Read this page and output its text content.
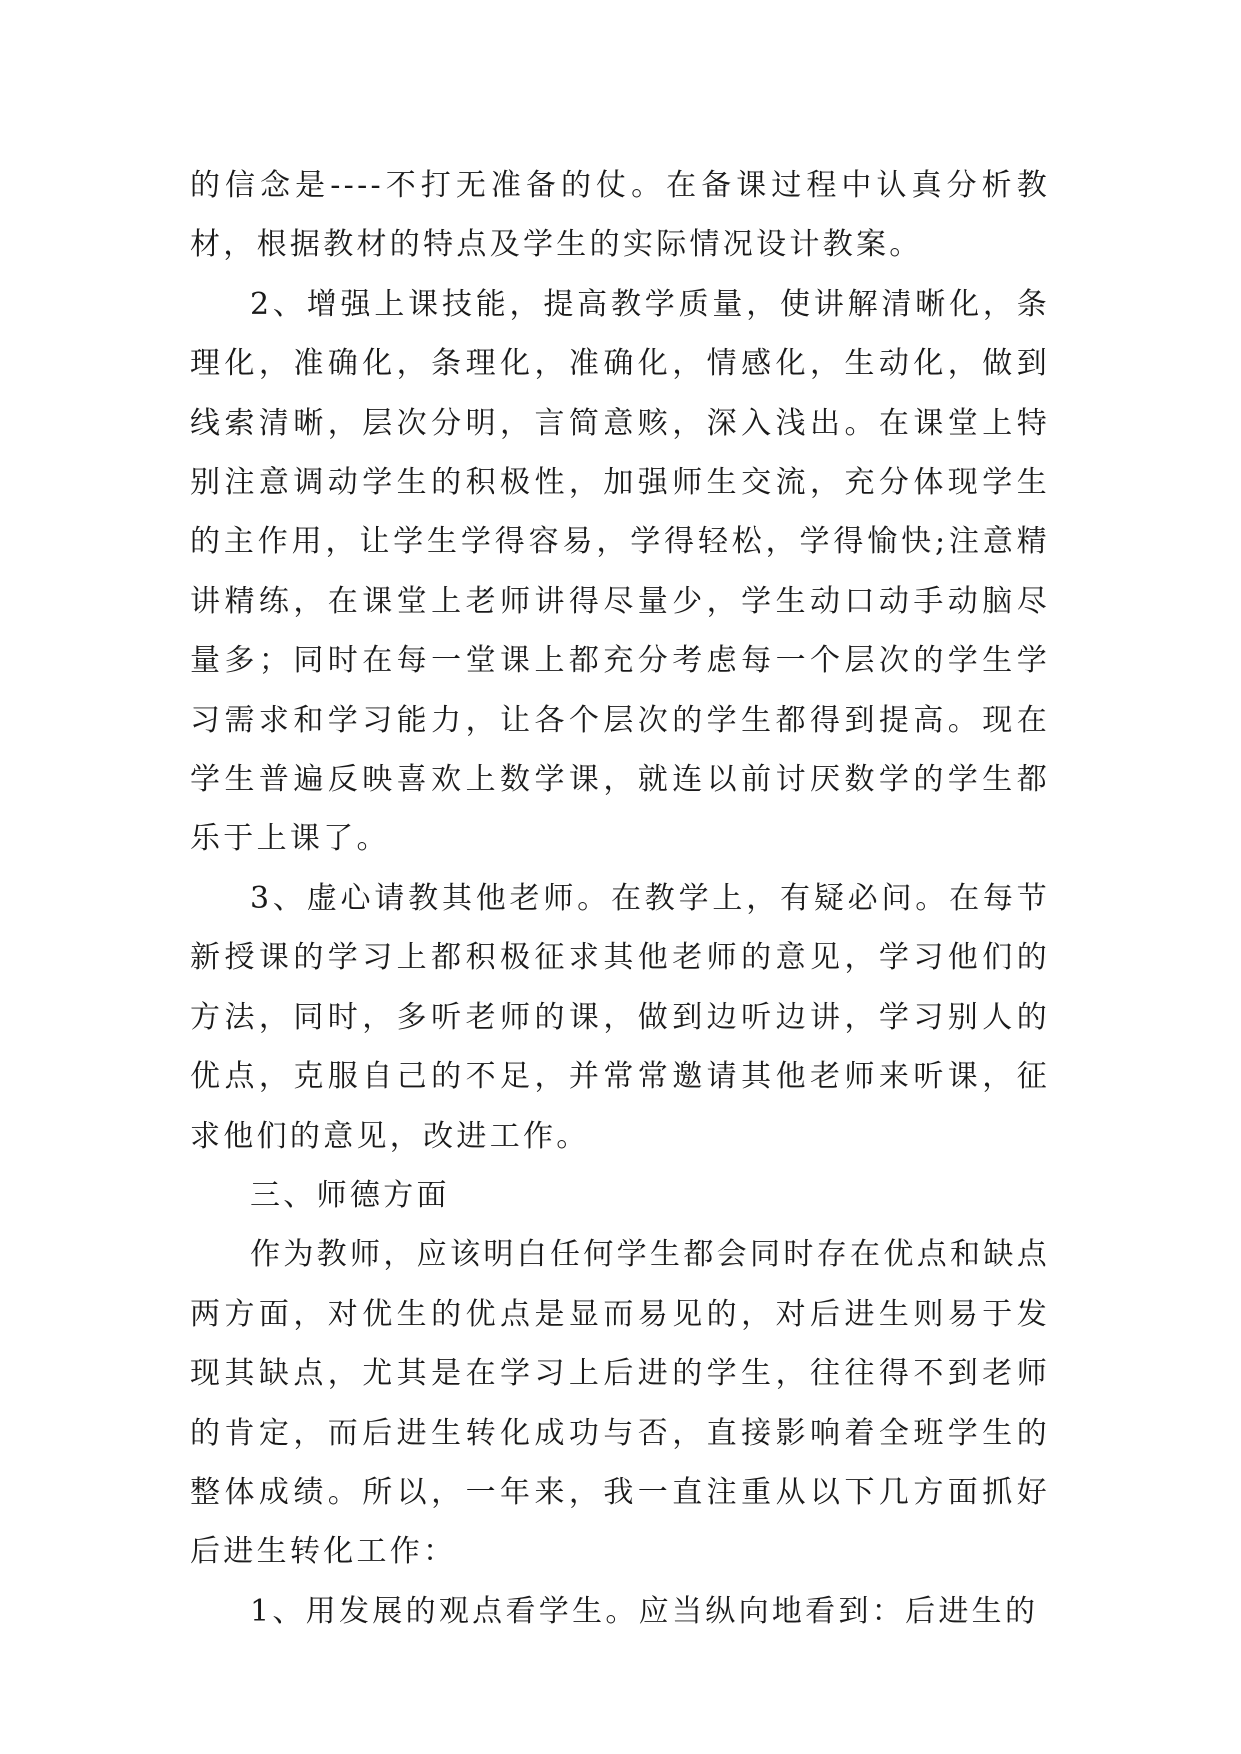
的信念是----不打无准备的仗。在备课过程中认真分析教材，根据教材的特点及学生的实际情况设计教案。

2、增强上课技能，提高教学质量，使讲解清晰化，条理化，准确化，条理化，准确化，情感化，生动化，做到线索清晰，层次分明，言简意赅，深入浅出。在课堂上特别注意调动学生的积极性，加强师生交流，充分体现学生的主作用，让学生学得容易，学得轻松，学得愉快;注意精讲精练，在课堂上老师讲得尽量少，学生动口动手动脑尽量多；同时在每一堂课上都充分考虑每一个层次的学生学习需求和学习能力，让各个层次的学生都得到提高。现在学生普遍反映喜欢上数学课，就连以前讨厌数学的学生都乐于上课了。

3、虚心请教其他老师。在教学上，有疑必问。在每节新授课的学习上都积极征求其他老师的意见，学习他们的方法，同时，多听老师的课，做到边听边讲，学习别人的优点，克服自己的不足，并常常邀请其他老师来听课，征求他们的意见，改进工作。

三、师德方面

作为教师，应该明白任何学生都会同时存在优点和缺点两方面，对优生的优点是显而易见的，对后进生则易于发现其缺点，尤其是在学习上后进的学生，往往得不到老师的肯定，而后进生转化成功与否，直接影响着全班学生的整体成绩。所以，一年来，我一直注重从以下几方面抓好后进生转化工作：

1、用发展的观点看学生。应当纵向地看到：后进生的
